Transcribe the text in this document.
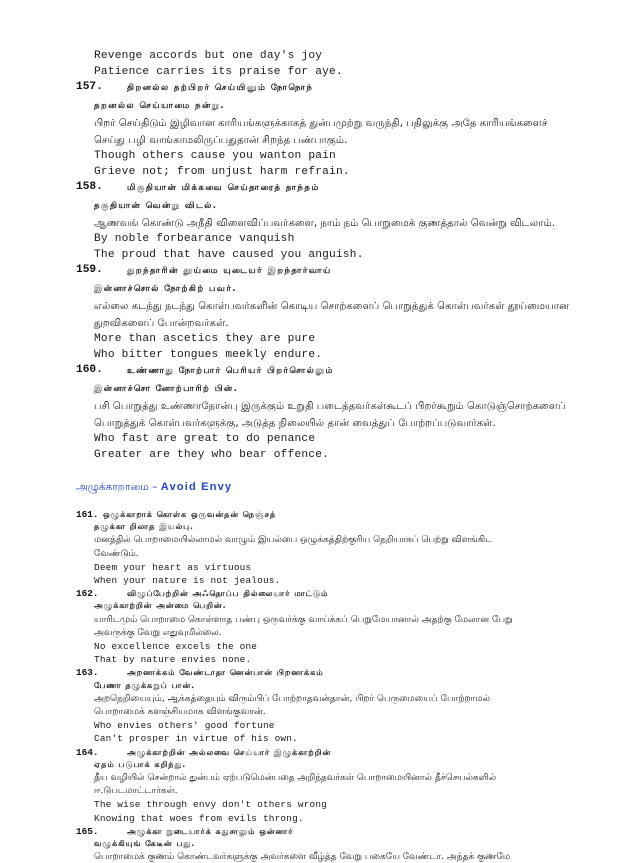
Revenge accords but one day's joy
Patience carries its praise for aye.
157.	திறனல்ல தற்பிறர் செய்யினும் நோநொந்
தறனல்ல செய்யாமை நன்று.
பிறர் செய்திடும் இழிவான காரியங்களுக்காகத் துன்பமுற்று வருந்தி, பதிலுக்கு அதே காரியங்களைச்
செய்து பழி வாங்காமலிருப்பதுதான் சிறந்த பண்பாகும்.
Though others cause you wanton pain
Grieve not; from unjust harm refrain.
158.	மிகுதியான் மிக்கவை செய்தாரைத் தாந்தம்
தகுதியான் வென்று விடல்.
ஆணவங் கொண்டு அநீதி விளைவிப்பவர்களை, நாம் நம் பொறுமைக் குணத்தால் வென்று விடலாம்.
By noble forbearance vanquish
The proud that have caused you anguish.
159.	துறந்தாரின் தூய்மை யுடையர் இறந்தார்வாய்
இன்னாச்சொல் நோற்கிற் பவர்.
எல்லை கடந்து நடந்து கொள்பவர்களின் கொடிய சொற்களைப் பொறுத்துக் கொள்பவர்கள் தூய்மையான
துறவிகளைப் போன்றவர்கள்.
More than ascetics they are pure
Who bitter tongues meekly endure.
160.	உண்ணாது நோற்பார் பெரியர் பிறர்சொல்லும்
இன்னாச்சொ னோற்பாரிற் பின்.
பசி பொறுத்து உண்ணாநோன்பு இருக்கும் உறுதி படைத்தவர்கள்கூடப் பிறர்கூறும் கொடுஞ்சொற்களைப்
பொறுத்துக் கொள்பவர்களுக்கு, அடுத்த நிலையில் தான் வைத்துப் போற்றப்படுவார்கள்.
Who fast are great to do penance
Greater are they who bear offence.
அழுக்காறாமை – Avoid Envy
161. ஒழுக்காறாக் கொள்க ஒருவன்தன் நெஞ்சத்
தழுக்கா றிலாத இயல்பு.
மனத்தில் பொறாமையில்லாமல் வாழும் இயல்பை ஒழுக்கத்திற்குரிய நெறியாகப் பெற்று விளங்கிட
வேண்டும்.
Deem your heart as virtuous
When your nature is not jealous.
162.	விழுப்பேற்றின் அஃதொப்ப தில்லையார் மாட்டும்
அழுக்காற்றின் அன்மை பெறின்.
யாரிடமும் பொறாமை கொள்ளாத பண்பு ஒருவர்க்கு வாய்க்கப் பெறுமேயானால் அதற்கு மேலான பேறு
அவருக்கு வேறு எதுவுமில்லை.
No excellence excels the one
That by nature envies none.
163.	அறனாக்கம் வேண்டாதா னென்பான் பிறனாக்கம்
பேணா தழுக்கறுப் பான்.
அறநெறியையும், ஆக்கத்தையும் விரும்பிப் போற்றாதவன்தான், பிறர் பெருமையைப் போற்றாமல்
பொறாமைக் களஞ்சியமாக விளங்குவான்.
Who envies others' good fortune
Can't prosper in virtue of his own.
164.	அழுக்காற்றின் அல்லவை செய்யார் இழுக்காற்றின்
ஏதம் படுபாக் கறிந்து.
தீய வழியில் சென்றால் துன்பம் ஏற்படுமென்பதை அறிந்தவர்கள் பொறாமையினால் தீச்செயல்களில்
ஈ.டுபடமாட்டார்கள்.
The wise through envy don't others wrong
Knowing that woes from evils throng.
165.	அழுக்கா றுடையார்க் கதுசாலும் ஒன்னார்
வழுக்கியுங் கேடீன் பது.
பொறாமைக் குணம் கொண்டவர்களுக்கு அவர்களை வீழ்த்த வேறு பகையே வேண்டா. அந்தக் குணமே
